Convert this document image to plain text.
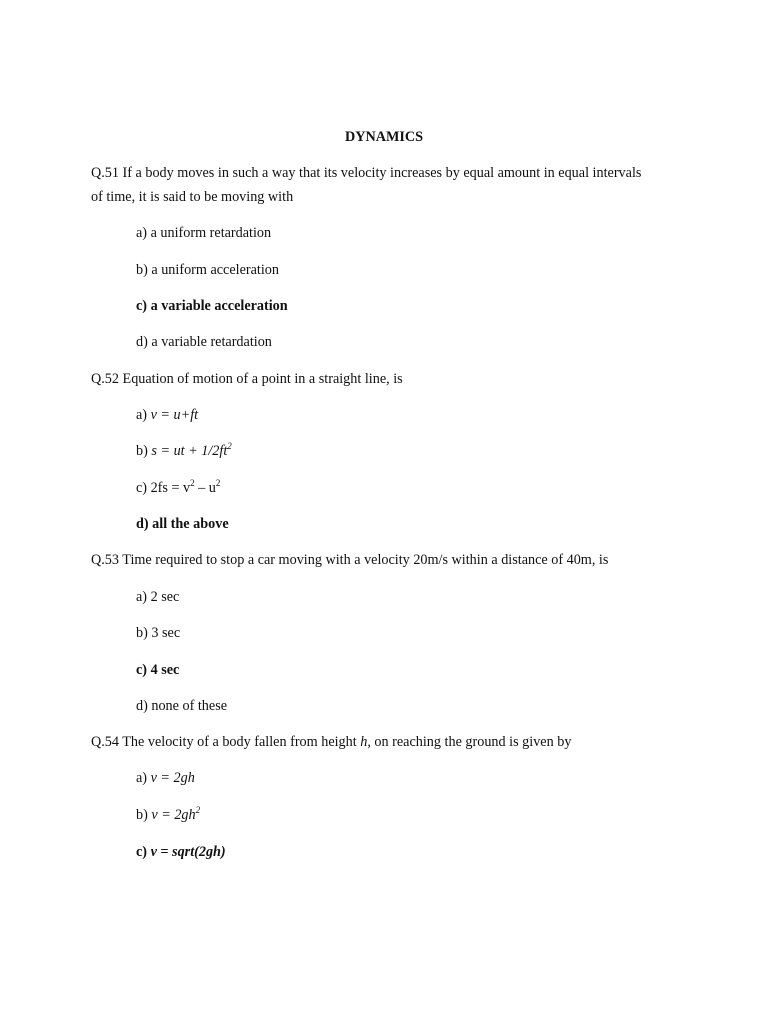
DYNAMICS
Q.51 If a body moves in such a way that its velocity increases by equal amount in equal intervals
of time, it is said to be moving with
a) a uniform retardation
b) a uniform acceleration
c) a variable acceleration
d) a variable retardation
Q.52 Equation of motion of a point in a straight line, is
a) v = u+ft
b) s = ut + $1/2ft^2$
c) $2fs = v^2 - u^2$
d) all the above
Q.53 Time required to stop a car moving with a velocity 20m/s within a distance of 40m, is
a) 2 sec
b) 3 sec
c) 4 sec
d) none of these
Q.54 The velocity of a body fallen from height h, on reaching the ground is given by
a) v = 2gh
b) $v = 2gh^2$
c) v = sqrt(2gh)
